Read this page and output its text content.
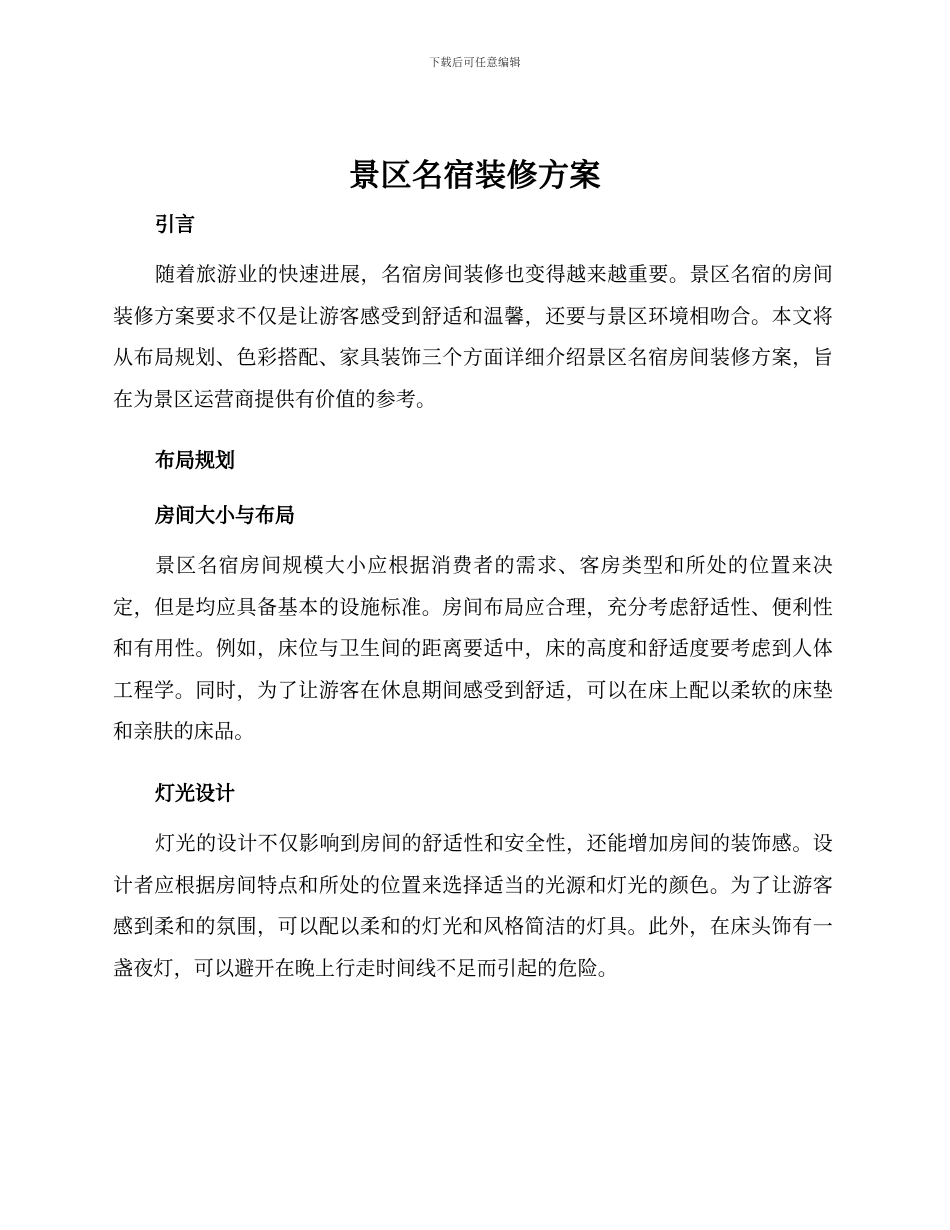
下载后可任意编辑
景区名宿装修方案
引言
随着旅游业的快速进展，名宿房间装修也变得越来越重要。景区名宿的房间装修方案要求不仅是让游客感受到舒适和温馨，还要与景区环境相吻合。本文将从布局规划、色彩搭配、家具装饰三个方面详细介绍景区名宿房间装修方案，旨在为景区运营商提供有价值的参考。
布局规划
房间大小与布局
景区名宿房间规模大小应根据消费者的需求、客房类型和所处的位置来决定，但是均应具备基本的设施标准。房间布局应合理，充分考虑舒适性、便利性和有用性。例如，床位与卫生间的距离要适中，床的高度和舒适度要考虑到人体工程学。同时，为了让游客在休息期间感受到舒适，可以在床上配以柔软的床垫和亲肤的床品。
灯光设计
灯光的设计不仅影响到房间的舒适性和安全性，还能增加房间的装饰感。设计者应根据房间特点和所处的位置来选择适当的光源和灯光的颜色。为了让游客感到柔和的氛围，可以配以柔和的灯光和风格简洁的灯具。此外，在床头饰有一盏夜灯，可以避开在晚上行走时间线不足而引起的危险。
